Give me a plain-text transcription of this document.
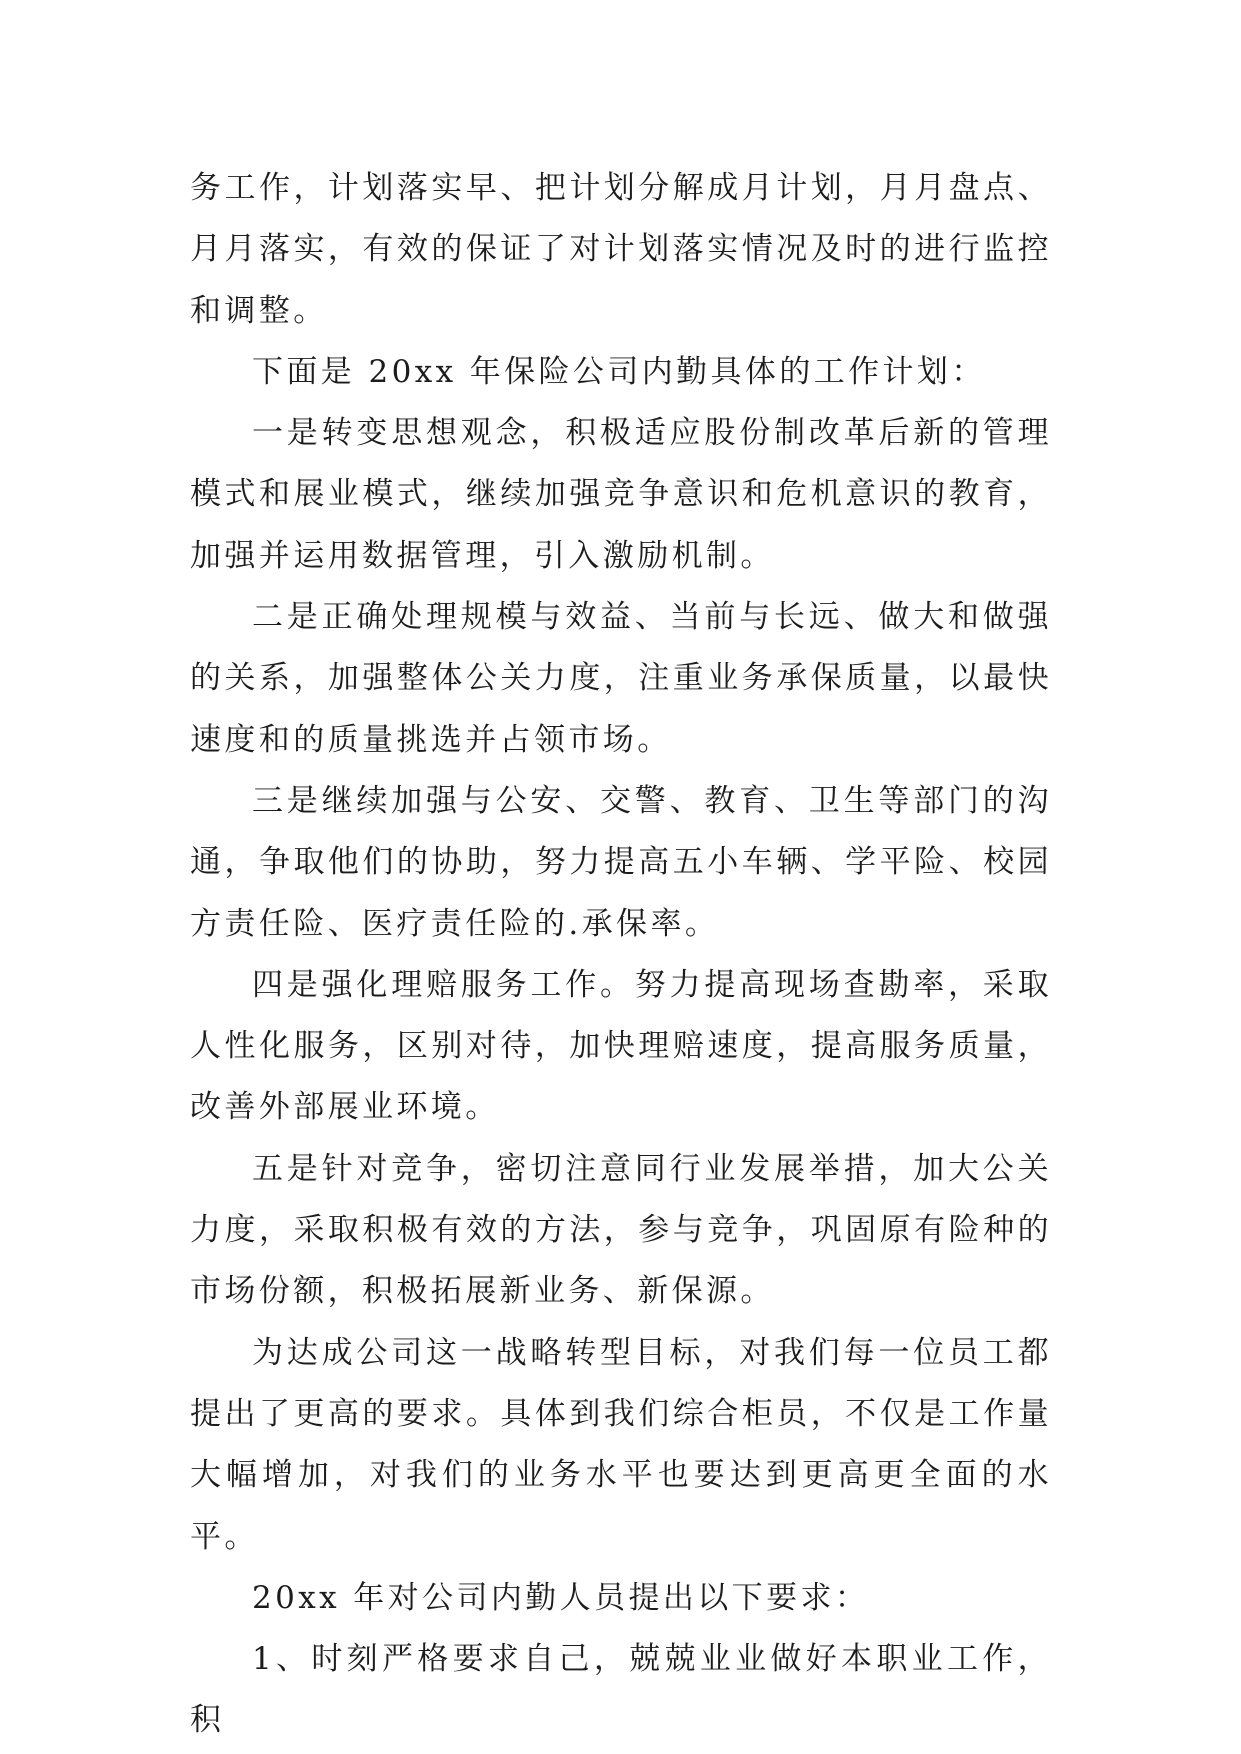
务工作，计划落实早、把计划分解成月计划，月月盘点、月月落实，有效的保证了对计划落实情况及时的进行监控和调整。

下面是 20xx 年保险公司内勤具体的工作计划：

一是转变思想观念，积极适应股份制改革后新的管理模式和展业模式，继续加强竞争意识和危机意识的教育，加强并运用数据管理，引入激励机制。

二是正确处理规模与效益、当前与长远、做大和做强的关系，加强整体公关力度，注重业务承保质量，以最快速度和的质量挑选并占领市场。

三是继续加强与公安、交警、教育、卫生等部门的沟通，争取他们的协助，努力提高五小车辆、学平险、校园方责任险、医疗责任险的.承保率。

四是强化理赔服务工作。努力提高现场查勘率，采取人性化服务，区别对待，加快理赔速度，提高服务质量，改善外部展业环境。

五是针对竞争，密切注意同行业发展举措，加大公关力度，采取积极有效的方法，参与竞争，巩固原有险种的市场份额，积极拓展新业务、新保源。

为达成公司这一战略转型目标，对我们每一位员工都提出了更高的要求。具体到我们综合柜员，不仅是工作量大幅增加，对我们的业务水平也要达到更高更全面的水平。

20xx 年对公司内勤人员提出以下要求：

1、时刻严格要求自己，兢兢业业做好本职业工作，积
